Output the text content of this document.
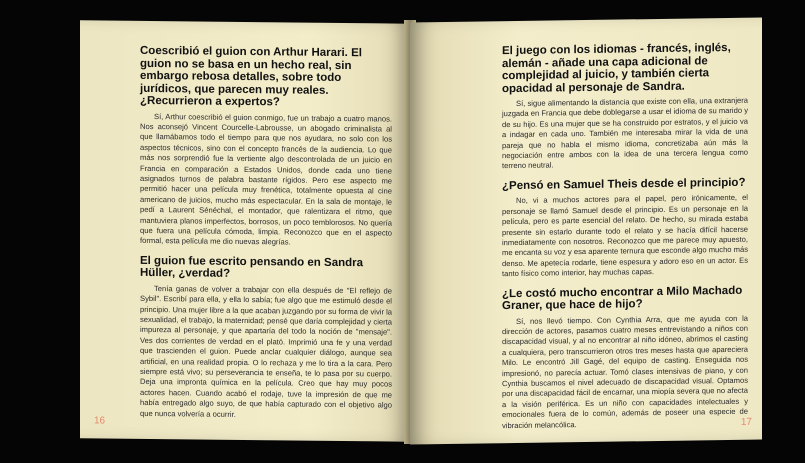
Coescribió el guion con Arthur Harari. El guion no se basa en un hecho real, sin embargo rebosa detalles, sobre todo jurídicos, que parecen muy reales. ¿Recurrieron a expertos?
Sí, Arthur coescribió el guion conmigo, fue un trabajo a cuatro manos. Nos aconsejó Vincent Courcelle-Labrousse, un abogado criminalista al que llamábamos todo el tiempo para que nos ayudara, no solo con los aspectos técnicos, sino con el concepto francés de la audiencia. Lo que más nos sorprendió fue la vertiente algo descontrolada de un juicio en Francia en comparación a Estados Unidos, donde cada uno tiene asignados turnos de palabra bastante rígidos. Pero ese aspecto me permitió hacer una película muy frenética, totalmente opuesta al cine americano de juicios, mucho más espectacular. En la sala de montaje, le pedí a Laurent Sénéchal, el montador, que ralentizara el ritmo, que mantuviera planos imperfectos, borrosos, un poco temblorosos. No quería que fuera una película cómoda, limpia. Reconozco que en el aspecto formal, esta película me dio nuevas alegrías.
El guion fue escrito pensando en Sandra Hüller, ¿verdad?
Tenía ganas de volver a trabajar con ella después de "El reflejo de Sybil". Escribí para ella, y ella lo sabía; fue algo que me estimuló desde el principio. Una mujer libre a la que acaban juzgando por su forma de vivir la sexualidad, el trabajo, la maternidad; pensé que daría complejidad y cierta impureza al personaje, y que apartaría del todo la noción de "mensaje". Ves dos corrientes de verdad en el plató. Imprimió una fe y una verdad que trascienden el guion. Puede anclar cualquier diálogo, aunque sea artificial, en una realidad propia. O lo rechaza y me lo tira a la cara. Pero siempre está vivo; su perseverancia te enseña, te lo pasa por su cuerpo. Deja una impronta química en la película. Creo que hay muy pocos actores hacen. Cuando acabó el rodaje, tuve la impresión de que me había entregado algo suyo, de que había capturado con el objetivo algo que nunca volvería a ocurrir.
16
El juego con los idiomas - francés, inglés, alemán - añade una capa adicional de complejidad al juicio, y también cierta opacidad al personaje de Sandra.
Sí, sigue alimentando la distancia que existe con ella, una extranjera juzgada en Francia que debe doblegarse a usar el idioma de su marido y de su hijo. Es una mujer que se ha construido por estratos, y el juicio va a indagar en cada uno. También me interesaba mirar la vida de una pareja que no habla el mismo idioma, concretizaba aún más la negociación entre ambos con la idea de una tercera lengua como terreno neutral.
¿Pensó en Samuel Theis desde el principio?
No, vi a muchos actores para el papel, pero irónicamente, el personaje se llamó Samuel desde el principio. Es un personaje en la película, pero es parte esencial del relato. De hecho, su mirada estaba presente sin estarlo durante todo el relato y se hacía difícil hacerse inmediatamente con nosotros. Reconozco que me parece muy apuesto, me encanta su voz y esa aparente ternura que esconde algo mucho más denso. Me apetecía rodarle, tiene espesura y adoro eso en un actor. Es tanto físico como interior, hay muchas capas.
¿Le costó mucho encontrar a Milo Machado Graner, que hace de hijo?
Sí, nos llevó tiempo. Con Cynthia Arra, que me ayuda con la dirección de actores, pasamos cuatro meses entrevistando a niños con discapacidad visual, y al no encontrar al niño idóneo, abrimos el casting a cualquiera, pero transcurrieron otros tres meses hasta que apareciera Milo. Le encontró Jill Gagé, del equipo de casting. Enseguida nos impresionó, no parecía actuar. Tomó clases intensivas de piano, y con Cynthia buscamos el nivel adecuado de discapacidad visual. Optamos por una discapacidad fácil de encarnar, una miopía severa que no afecta a la visión periférica. Es un niño con capacidades intelectuales y emocionales fuera de lo común, además de poseer una especie de vibración melancólica.	17
